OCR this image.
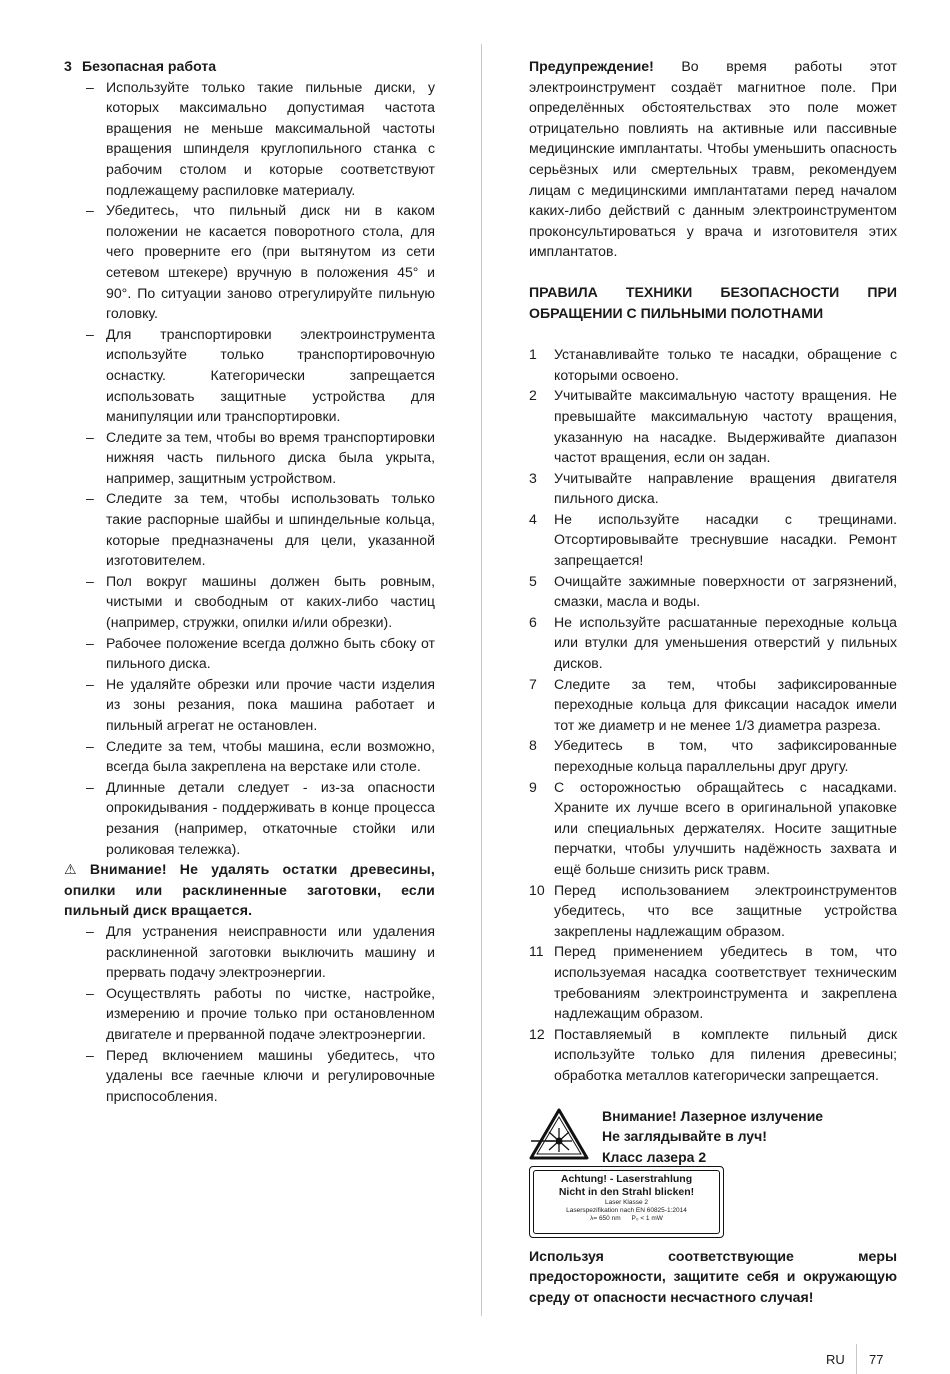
3 Безопасная работа

– Используйте только такие пильные диски, у которых максимально допустимая частота вращения не меньше максимальной частоты вращения шпинделя круглопильного станка с рабочим столом и которые соответствуют подлежащему распиловке материалу.

– Убедитесь, что пильный диск ни в каком положении не касается поворотного стола, для чего проверните его (при вытянутом из сети сетевом штекере) вручную в положения 45° и 90°. По ситуации заново отрегулируйте пильную головку.

– Для транспортировки электроинструмента используйте только транспортировочную оснастку. Категорически запрещается использовать защитные устройства для манипуляции или транспортировки.

– Следите за тем, чтобы во время транспортировки нижняя часть пильного диска была укрыта, например, защитным устройством.

– Следите за тем, чтобы использовать только такие распорные шайбы и шпиндельные кольца, которые предназначены для цели, указанной изготовителем.

– Пол вокруг машины должен быть ровным, чистыми и свободным от каких-либо частиц (например, стружки, опилки и/или обрезки).

– Рабочее положение всегда должно быть сбоку от пильного диска.

– Не удаляйте обрезки или прочие части изделия из зоны резания, пока машина работает и пильный агрегат не остановлен.

– Следите за тем, чтобы машина, если возможно, всегда была закреплена на верстаке или столе.

– Длинные детали следует - из-за опасности опрокидывания - поддерживать в конце процесса резания (например, откаточные стойки или роликовая тележка).

⚠ Внимание! Не удалять остатки древесины, опилки или расклиненные заготовки, если пильный диск вращается.

– Для устранения неисправности или удаления расклиненной заготовки выключить машину и прервать подачу электроэнергии.

– Осуществлять работы по чистке, настройке, измерению и прочие только при остановленном двигателе и прерванной подаче электроэнергии.

– Перед включением машины убедитесь, что удалены все гаечные ключи и регулировочные приспособления.

Предупреждение! Во время работы этот электроинструмент создаёт магнитное поле. При определённых обстоятельствах это поле может отрицательно повлиять на активные или пассивные медицинские имплантаты. Чтобы уменьшить опасность серьёзных или смертельных травм, рекомендуем лицам с медицинскими имплантатами перед началом каких-либо действий с данным электроинструментом проконсультироваться у врача и изготовителя этих имплантатов.

ПРАВИЛА ТЕХНИКИ БЕЗОПАСНОСТИ ПРИ ОБРАЩЕНИИ С ПИЛЬНЫМИ ПОЛОТНАМИ

1 Устанавливайте только те насадки, обращение с которыми освоено.

2 Учитывайте максимальную частоту вращения. Не превышайте максимальную частоту вращения, указанную на насадке. Выдерживайте диапазон частот вращения, если он задан.

3 Учитывайте направление вращения двигателя пильного диска.

4 Не используйте насадки с трещинами. Отсортировывайте треснувшие насадки. Ремонт запрещается!

5 Очищайте зажимные поверхности от загрязнений, смазки, масла и воды.

6 Не используйте расшатанные переходные кольца или втулки для уменьшения отверстий у пильных дисков.

7 Следите за тем, чтобы зафиксированные переходные кольца для фиксации насадок имели тот же диаметр и не менее 1/3 диаметра разреза.

8 Убедитесь в том, что зафиксированные переходные кольца параллельны друг другу.

9 С осторожностью обращайтесь с насадками. Храните их лучше всего в оригинальной упаковке или специальных держателях. Носите защитные перчатки, чтобы улучшить надёжность захвата и ещё больше снизить риск травм.

10 Перед использованием электроинструментов убедитесь, что все защитные устройства закреплены надлежащим образом.

11 Перед применением убедитесь в том, что используемая насадка соответствует техническим требованиям электроинструмента и закреплена надлежащим образом.

12 Поставляемый в комплекте пильный диск используйте только для пиления древесины; обработка металлов категорически запрещается.

Внимание! Лазерное излучение
Не заглядывайте в луч!
Класс лазера 2
Achtung! - Laserstrahlung
Nicht in den Strahl blicken!
Laser Klasse 2
Laserspezifikation nach EN 60825-1:2014
λ= 650 nm P₀ < 1 mW

Используя соответствующие меры предосторожности, защитите себя и окружающую среду от опасности несчастного случая!

RU 77
